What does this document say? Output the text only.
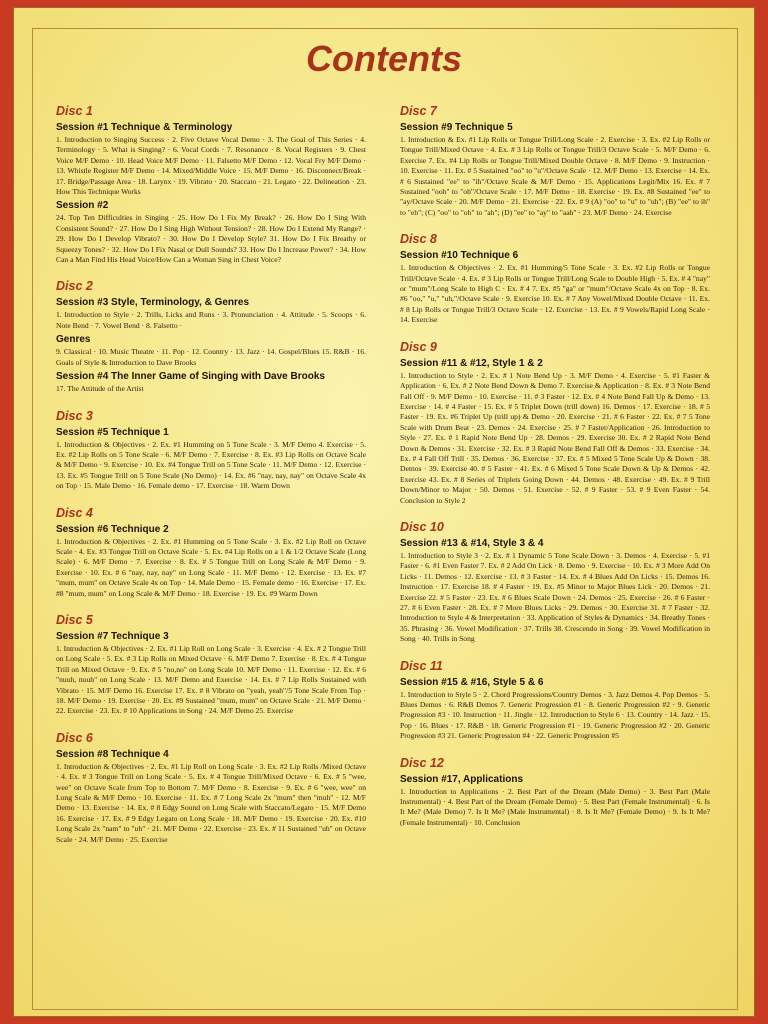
Contents
Disc 1
Session #1 Technique & Terminology
1. Introduction to Singing Success · 2. Five Octave Vocal Demo · 3. The Goal of This Series · 4. Terminology · 5. What is Singing? · 6. Vocal Cords · 7. Resonance · 8. Vocal Registers · 9. Chest Voice M/F Demo · 10. Head Voice M/F Demo · 11. Falsetto M/F Demo · 12. Vocal Fry M/F Demo · 13. Whistle Register M/F Demo · 14. Mixed/Middle Voice · 15. M/F Demo · 16. Disconnect/Break · 17. Bridge/Passage Area · 18. Larynx · 19. Vibrato · 20. Staccato · 21. Legato · 22. Delineation · 23. How This Technique Works
Session #2
24. Top Ten Difficulties in Singing · 25. How Do I Fix My Break? · 26. How Do I Sing With Consistent Sound? · 27. How Do I Sing High Without Tension? · 28. How Do I Extend My Range? · 29. How Do I Develop Vibrato? · 30. How Do I Develop Style? 31. How Do I Fix Breathy or Squeezy Tones? · 32. How Do I Fix Nasal or Dull Sounds? 33. How Do I Increase Power? · 34. How Can a Man Find His Head Voice/How Can a Woman Sing in Chest Voice?
Disc 2
Session #3 Style, Terminology, & Genres
1. Introduction to Style · 2. Trills, Licks and Runs · 3. Pronunciation · 4. Attitude · 5. Scoops · 6. Note Bend · 7. Vowel Bend · 8. Falsetto ·
Genres
9. Classical · 10. Music Theatre · 11. Pop · 12. Country · 13. Jazz · 14. Gospel/Blues 15. R&B · 16. Goals of Style & Introduction to Dave Brooks
Session #4 The Inner Game of Singing with Dave Brooks
17. The Attitude of the Artist
Disc 3
Session #5 Technique 1
1. Introduction & Objectives · 2. Ex. #1 Humming on 5 Tone Scale · 3. M/F Demo 4. Exercise · 5. Ex. #2 Lip Rolls on 5 Tone Scale · 6. M/F Demo · 7. Exercise · 8. Ex. #3 Lip Rolls on Octave Scale & M/F Demo · 9. Exercise · 10. Ex. #4 Tongue Trill on 5 Tone Scale · 11. M/F Demo · 12. Exercise · 13. Ex. #5 Tongue Trill on 5 Tone Scale (No Demo) · 14. Ex. #6 "nay, nay, nay" on Octave Scale 4x on Top · 15. Male Demo · 16. Female demo · 17. Exercise · 18. Warm Down
Disc 4
Session #6 Technique 2
1. Introduction & Objectives · 2. Ex. #1 Humming on 5 Tone Scale · 3. Ex. #2 Lip Roll on Octave Scale · 4. Ex. #3 Tongue Trill on Octave Scale · 5. Ex. #4 Lip Rolls on a 1 & 1/2 Octave Scale (Long Scale) · 6. M/F Demo · 7. Exercise · 8. Ex. # 5 Tongue Trill on Long Scale & M/F Demo · 9. Exercise · 10. Ex. # 6 "nay, nay, nay" on Long Scale · 11. M/F Demo · 12. Exercise · 13. Ex. #7 "mum, mum" on Octave Scale 4x on Top · 14. Male Demo · 15. Female demo · 16. Exercise · 17. Ex. #8 "mum, mum" on Long Scale & M/F Demo · 18. Exercise · 19. Ex. #9 Warm Down
Disc 5
Session #7 Technique 3
1. Introduction & Objectives · 2. Ex. #1 Lip Roll on Long Scale · 3. Exercise · 4. Ex. # 2 Tongue Trill on Long Scale · 5. Ex. # 3 Lip Rolls on Mixed Octave · 6. M/F Demo 7. Exercise · 8. Ex. # 4 Tongue Trill on Mixed Octave · 9. Ex. # 5 "no,no" on Long Scale 10. M/F Demo · 11. Exercise · 12. Ex. # 6 "nuuh, nuuh" on Long Scale · 13. M/F Demo and Exercise · 14. Ex. # 7 Lip Rolls Sustained with Vibrato · 15. M/F Demo 16. Exercise 17. Ex. # 8 Vibrato on "yeah, yeah"/5 Tone Scale From Top · 18. M/F Demo · 19. Exercise · 20. Ex. #9 Sustained "mum, mum" on Octave Scale · 21. M/F Demo · 22. Exercise · 23. Ex. # 10 Applications in Song · 24. M/F Demo 25. Exercise
Disc 6
Session #8 Technique 4
1. Introduction & Objectives · 2. Ex. #1 Lip Roll on Long Scale · 3. Ex. #2 Lip Rolls /Mixed Octave · 4. Ex. # 3 Tongue Trill on Long Scale · 5. Ex. # 4 Tongue Trill/Mixed Octave · 6. Ex. # 5 "wee, wee" on Octave Scale from Top to Bottom 7. M/F Demo · 8. Exercise · 9. Ex. # 6 "wee, wee" on Long Scale & M/F Demo · 10. Exercise · 11. Ex. # 7 Long Scale 2x "mum" then "muh" · 12. M/F Demo · 13. Exercise · 14. Ex. # 8 Edgy Sound on Long Scale with Staccato/Legato · 15. M/F Demo 16. Exercise · 17. Ex. # 9 Edgy Legato on Long Scale · 18. M/F Demo · 19. Exercise · 20. Ex. #10 Long Scale 2x "nam" to "uh" · 21. M/F Demo · 22. Exercise · 23. Ex. # 11 Sustained "uh" on Octave Scale · 24. M/F Demo · 25. Exercise
Disc 7
Session #9 Technique 5
1. Introduction & Ex. #1 Lip Rolls or Tongue Trill/Long Scale · 2. Exercise · 3. Ex. #2 Lip Rolls or Tongue Trill/Mixed Octave · 4. Ex. # 3 Lip Rolls or Tongue Trill/3 Octave Scale · 5. M/F Demo · 6. Exercise 7. Ex. #4 Lip Rolls or Tongue Trill/Mixed Double Octave · 8. M/F Demo · 9. Instruction · 10. Exercise · 11. Ex. # 5 Sustained "oo" to "u"/Octave Scale · 12. M/F Demo · 13. Exercise · 14. Ex. # 6 Sustained "ee" to "ih"/Octave Scale & M/F Demo · 15. Applications Legit/Mix 16. Ex. # 7 Sustained "ooh" to "oh"/Octave Scale · 17. M/F Demo · 18. Exercise · 19. Ex. #8 Sustained "ee" to "ay/Octave Scale · 20. M/F Demo · 21. Exercise · 22. Ex. # 9 (A) "oo" to "u" to "uh"; (B) "ee" to ih" to "eh"; (C) "oo" to "oh" to "ah"; (D) "ee" to "ay" to "aah" · 23. M/F Demo · 24. Exercise
Disc 8
Session #10 Technique 6
1. Introduction & Objectives · 2. Ex. #1 Humming/5 Tone Scale · 3. Ex. #2 Lip Rolls or Tongue Trill/Octave Scale · 4. Ex. # 3 Lip Rolls or Tongue Trill/Long Scale to Double High · 5. Ex. # 4 "nay" or "mum"/Long Scale to High C · Ex. # 4 7. Ex. #5 "ga" or "mum"/Octave Scale 4x on Top · 8. Ex. #6 "oo," "u," "uh,"/Octave Scale · 9. Exercise 10. Ex. # 7 Any Vowel/Mixed Double Octave · 11. Ex. # 8 Lip Rolls or Tongue Trill/3 Octave Scale · 12. Exercise · 13. Ex. # 9 Vowels/Rapid Long Scale · 14. Exercise
Disc 9
Session #11 & #12, Style 1 & 2
1. Introduction to Style · 2. Ex. # 1 Note Bend Up · 3. M/F Demo · 4. Exercise · 5. #1 Faster & Application · 6. Ex. # 2 Note Bend Down & Demo 7. Exercise & Application · 8. Ex. # 3 Note Bend Fall Off · 9. M/F Demo · 10. Exercise · 11. # 3 Faster · 12. Ex. # 4 Note Bend Fall Up & Demo · 13. Exercise · 14. # 4 Faster · 15. Ex. # 5 Triplet Down (trill down) 16. Demos · 17. Exercise · 18. # 5 Faster · 19. Ex. #6 Triplet Up (trill up) & Demo · 20. Exercise · 21. # 6 Faster · 22. Ex. # 7 5 Tone Scale with Drum Beat · 23. Demos · 24. Exercise · 25. # 7 Faster/Application · 26. Introduction to Style · 27. Ex. # 1 Rapid Note Bend Up · 28. Demos · 29. Exercise 30. Ex. # 2 Rapid Note Bend Down & Demos · 31. Exercise · 32. Ex. # 3 Rapid Note Bend Fall Off & Demos · 33. Exercise · 34. Ex. # 4 Fall Off Trill · 35. Demos · 36. Exercise · 37. Ex. # 5 Mixed 5 Tone Scale Up & Down · 38. Demos · 39. Exercise 40. # 5 Faster · 41. Ex. # 6 Mixed 5 Tone Scale Down & Up & Demos · 42. Exercise 43. Ex. # 8 Series of Triplets Going Down · 44. Demos · 48. Exercise · 49. Ex. # 9 Trill Down/Minor to Major · 50. Demos · 51. Exercise · 52. # 9 Faster · 53. # 9 Even Faster · 54. Conclusion to Style 2
Disc 10
Session #13 & #14, Style 3 & 4
1. Introduction to Style 3 · 2. Ex. # 1 Dynamic 5 Tone Scale Down · 3. Demos · 4. Exercise · 5. #1 Faster · 6. #1 Even Faster 7. Ex. # 2 Add On Lick · 8. Demo · 9. Exercise · 10. Ex. # 3 More Add On Licks · 11. Demos · 12. Exercise · 13. # 3 Faster · 14. Ex. # 4 Blues Add On Licks · 15. Demos 16. Instruction · 17. Exercise 18. # 4 Faster · 19. Ex. #5 Minor to Major Blues Lick · 20. Demos · 21. Exercise 22. # 5 Faster · 23. Ex. # 6 Blues Scale Down · 24. Demos · 25. Exercise · 26. # 6 Faster · 27. # 6 Even Faster · 28. Ex. # 7 More Blues Licks · 29. Demos · 30. Exercise 31. # 7 Faster · 32. Introduction to Style 4 & Interpretation · 33. Application of Styles & Dynamics · 34. Breathy Tones · 35. Phrasing · 36. Vowel Modification · 37. Trills 38. Crescendo in Song · 39. Vowel Modification in Song · 40. Trills in Song
Disc 11
Session #15 & #16, Style 5 & 6
1. Introduction to Style 5 · 2. Chord Progressions/Country Demos · 3. Jazz Demos 4. Pop Demos · 5. Blues Demos · 6. R&B Demos 7. Generic Progression #1 · 8. Generic Progression #2 · 9. Generic Progression #3 · 10. Instruction · 11. Jingle · 12. Introduction to Style 6 · 13. Country · 14. Jazz · 15. Pop · 16. Blues · 17. R&B · 18. Generic Progression #1 · 19. Generic Progression #2 · 20. Generic Progression #3 21. Generic Progression #4 · 22. Generic Progression #5
Disc 12
Session #17, Applications
1. Introduction to Applications · 2. Best Part of the Dream (Male Demo) · 3. Best Part (Male Instrumental) · 4. Best Part of the Dream (Female Demo) · 5. Best Part (Female Instrumental) · 6. Is It Me? (Male Demo) 7. Is It Me? (Male Instrumental) · 8. Is It Me? (Female Demo) · 9. Is It Me? (Female Instrumental) · 10. Conclusion
